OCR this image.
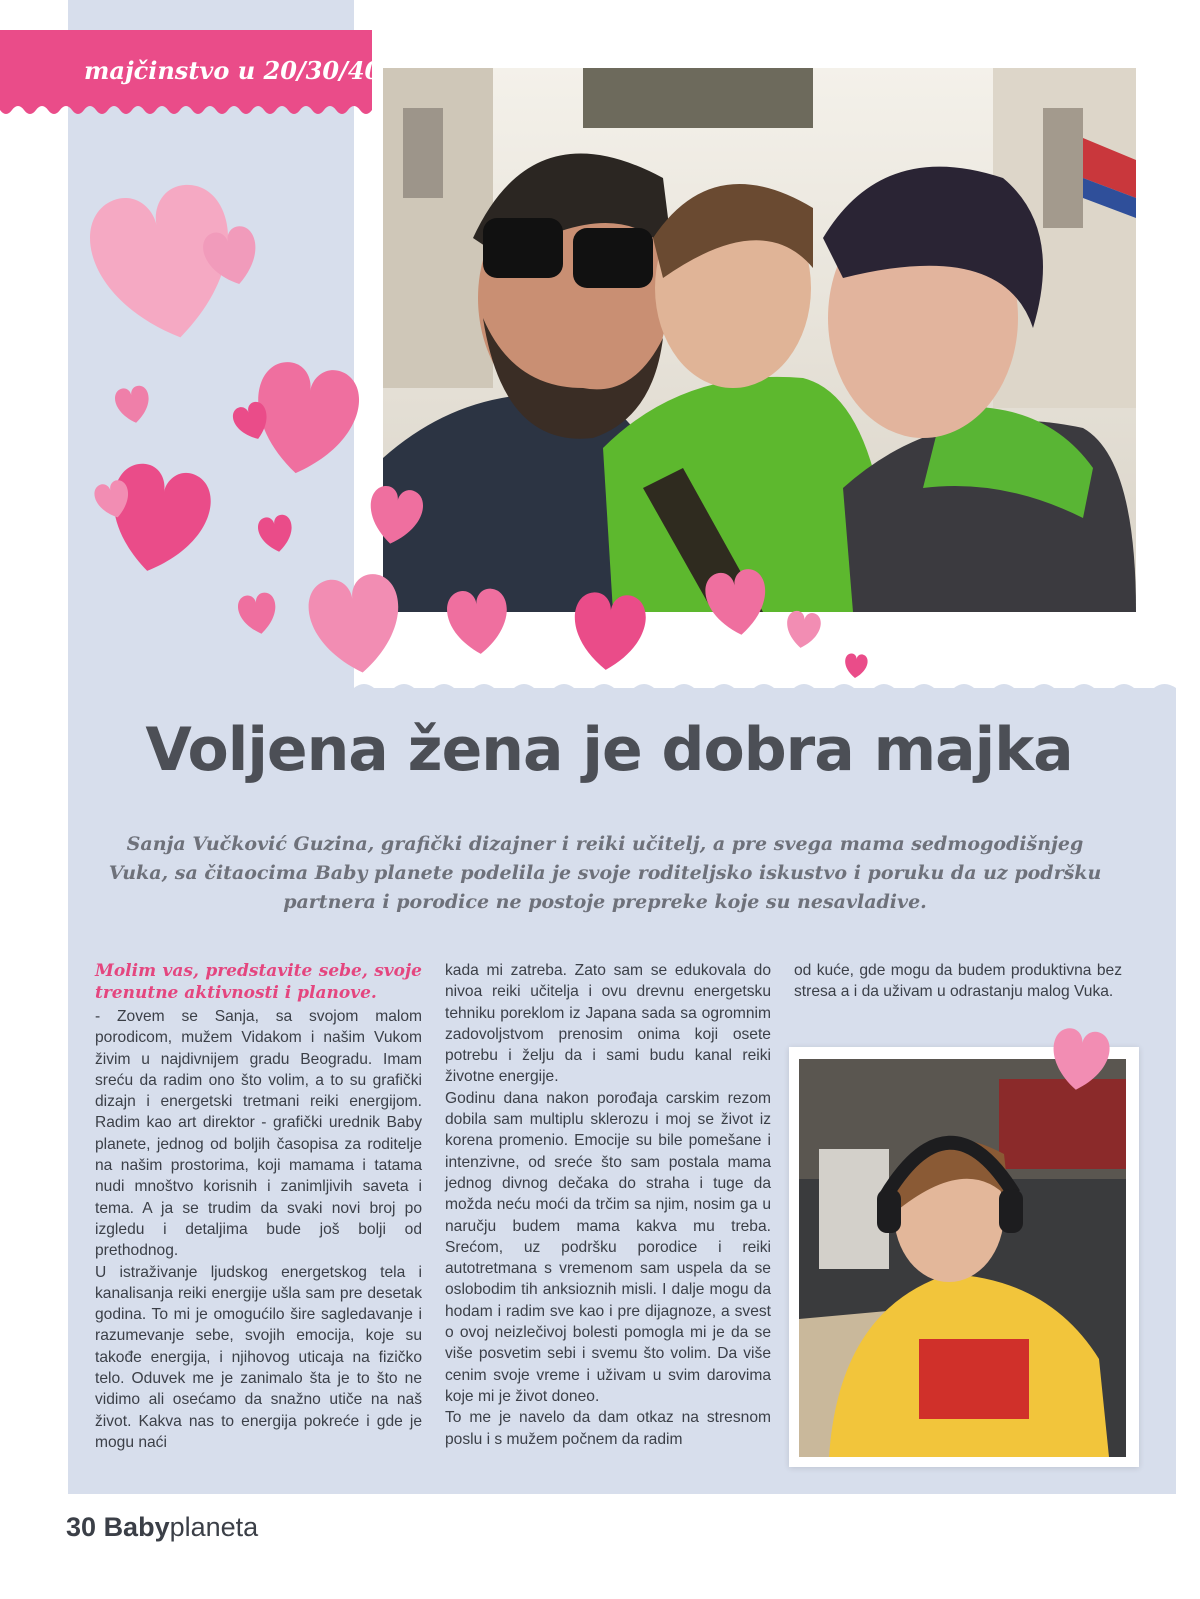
majčinstvo u 20/30/40
Voljena žena je dobra majka

Sanja Vučković Guzina, grafički dizajner i reiki učitelj, a pre svega mama sedmogodišnjeg Vuka, sa čitaocima Baby planete podelila je svoje roditeljsko iskustvo i poruku da uz podršku partnera i porodice ne postoje prepreke koje su nesavladive.

Molim vas, predstavite sebe, svoje trenutne aktivnosti i planove.

- Zovem se Sanja, sa svojom malom porodicom, mužem Vidakom i našim Vukom živim u najdivnijem gradu Beogradu. Imam sreću da radim ono što volim, a to su grafički dizajn i energetski tretmani reiki energijom. Radim kao art direktor - grafički urednik Baby planete, jednog od boljih časopisa za roditelje na našim prostorima, koji mamama i tatama nudi mnoštvo korisnih i zanimljivih saveta i tema. A ja se trudim da svaki novi broj po izgledu i detaljima bude još bolji od prethodnog.

U istraživanje ljudskog energetskog tela i kanalisanja reiki energije ušla sam pre desetak godina. To mi je omogućilo šire sagledavanje i razumevanje sebe, svojih emocija, koje su takođe energija, i njihovog uticaja na fizičko telo. Oduvek me je zanimalo šta je to što ne vidimo ali osećamo da snažno utiče na naš život. Kakva nas to energija pokreće i gde je mogu naći

kada mi zatreba. Zato sam se edukovala do nivoa reiki učitelja i ovu drevnu energetsku tehniku poreklom iz Japana sada sa ogromnim zadovoljstvom prenosim onima koji osete potrebu i želju da i sami budu kanal reiki životne energije.

Godinu dana nakon porođaja carskim rezom dobila sam multiplu sklerozu i moj se život iz korena promenio. Emocije su bile pomešane i intenzivne, od sreće što sam postala mama jednog divnog dečaka do straha i tuge da možda neću moći da trčim sa njim, nosim ga u naručju budem mama kakva mu treba. Srećom, uz podršku porodice i reiki autotretmana s vremenom sam uspela da se oslobodim tih anksioznih misli. I dalje mogu da hodam i radim sve kao i pre dijagnoze, a svest o ovoj neizlečivoj bolesti pomogla mi je da se više posvetim sebi i svemu što volim. Da više cenim svoje vreme i uživam u svim darovima koje mi je život doneo.

To me je navelo da dam otkaz na stresnom poslu i s mužem počnem da radim

od kuće, gde mogu da budem produktivna bez stresa a i da uživam u odrastanju malog Vuka.

30 Babyplaneta
